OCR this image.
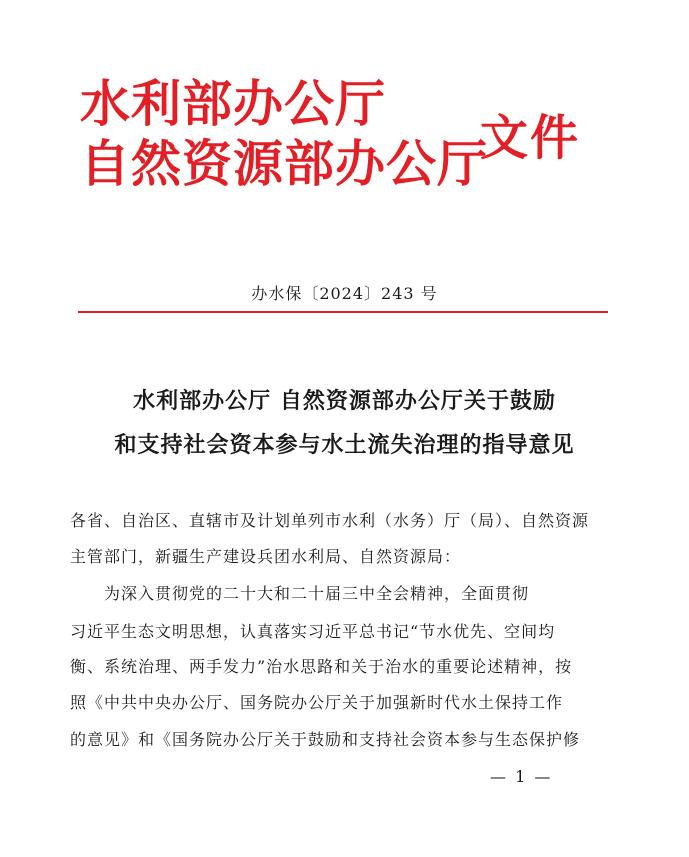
水利部办公厅
自然资源部办公厅
文件
办水保〔2024〕243 号
水利部办公厅 自然资源部办公厅关于鼓励
和支持社会资本参与水土流失治理的指导意见
各省、自治区、直辖市及计划单列市水利（水务）厅（局）、自然资源
主管部门，新疆生产建设兵团水利局、自然资源局：
为深入贯彻党的二十大和二十届三中全会精神，全面贯彻
习近平生态文明思想，认真落实习近平总书记“节水优先、空间均
衡、系统治理、两手发力”治水思路和关于治水的重要论述精神，按
照《中共中央办公厅、国务院办公厅关于加强新时代水土保持工作
的意见》和《国务院办公厅关于鼓励和支持社会资本参与生态保护修
— 1 —
